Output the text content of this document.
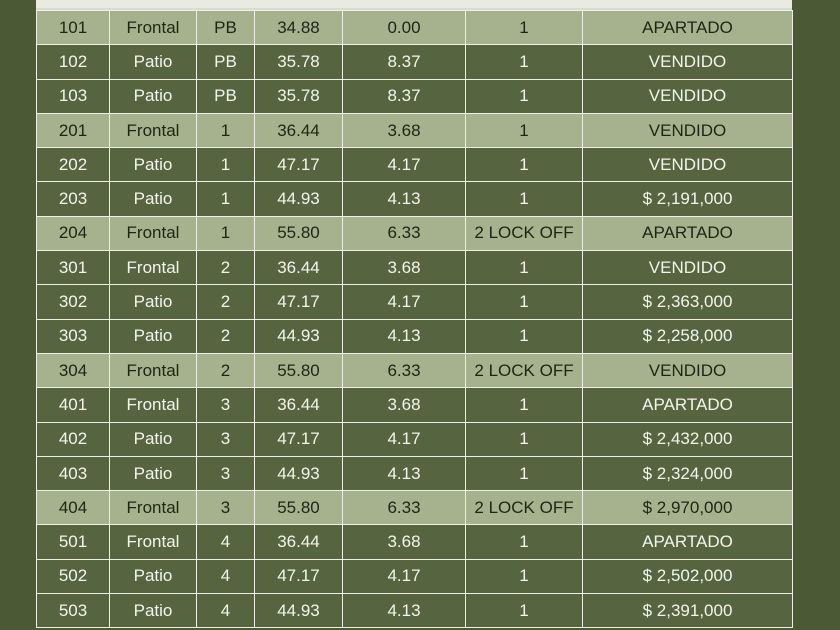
101	Frontal	PB	34.88	0.00	1	APARTADO
102	Patio	PB	35.78	8.37	1	VENDIDO
103	Patio	PB	35.78	8.37	1	VENDIDO
201	Frontal	1	36.44	3.68	1	VENDIDO
202	Patio	1	47.17	4.17	1	VENDIDO
203	Patio	1	44.93	4.13	1	$ 2,191,000
204	Frontal	1	55.80	6.33	2 LOCK OFF	APARTADO
301	Frontal	2	36.44	3.68	1	VENDIDO
302	Patio	2	47.17	4.17	1	$ 2,363,000
303	Patio	2	44.93	4.13	1	$ 2,258,000
304	Frontal	2	55.80	6.33	2 LOCK OFF	VENDIDO
401	Frontal	3	36.44	3.68	1	APARTADO
402	Patio	3	47.17	4.17	1	$ 2,432,000
403	Patio	3	44.93	4.13	1	$ 2,324,000
404	Frontal	3	55.80	6.33	2 LOCK OFF	$ 2,970,000
501	Frontal	4	36.44	3.68	1	APARTADO
502	Patio	4	47.17	4.17	1	$ 2,502,000
503	Patio	4	44.93	4.13	1	$ 2,391,000
